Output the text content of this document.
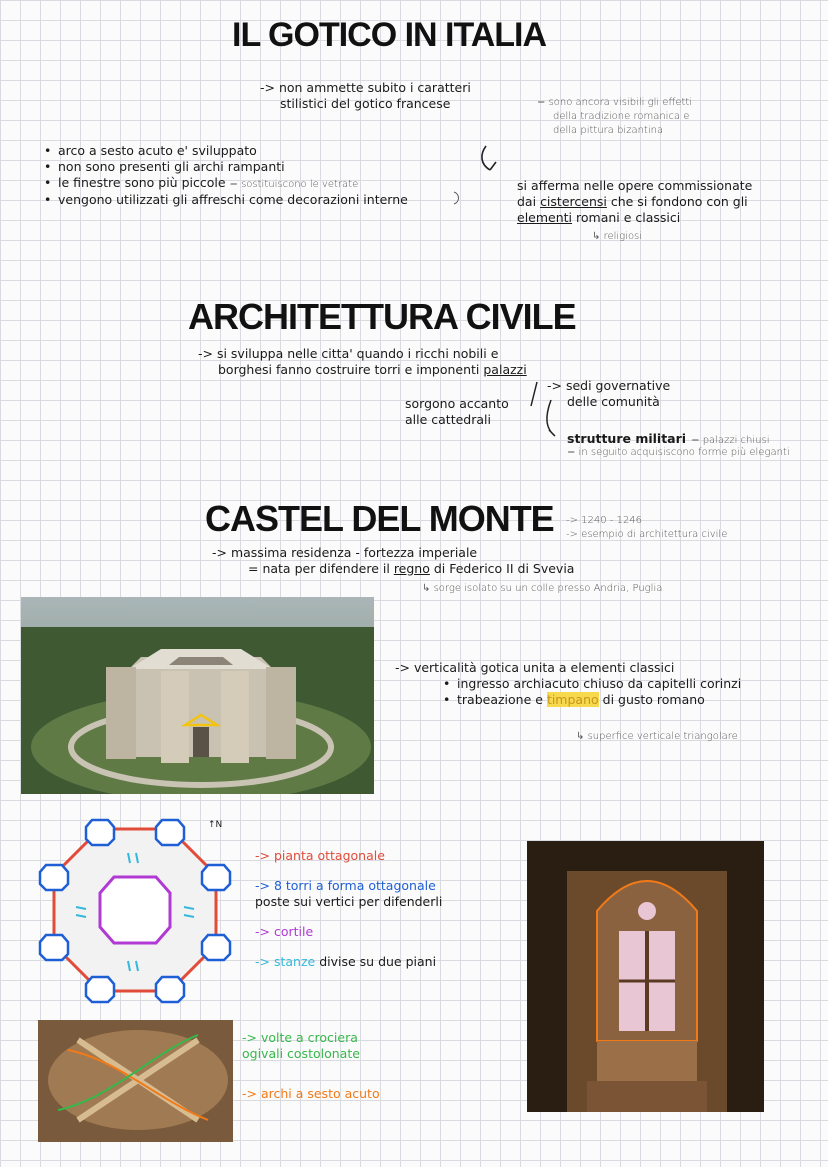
IL GOTICO IN ITALIA
-> non ammette subito i caratteri
stilistici del gotico francese	= sono ancora visibili gli effetti
della tradizione romanica e
della pittura bizantina
• arco a sesto acuto e' sviluppato
• non sono presenti gli archi rampanti
• le finestre sono più piccole = sostituiscono le vetrate
• vengono utilizzati gli affreschi come decorazioni interne
si afferma nelle opere commissionate
dai cistercensi che si fondono con gli
elementi romani e classici
↳ religiosi
ARCHITETTURA CIVILE
-> si sviluppa nelle citta' quando i ricchi nobili e
borghesi fanno costruire torri e imponenti palazzi
sorgono accanto
alle cattedrali
-> sedi governative
delle comunità
strutture militari = palazzi chiusi
= in seguito acquisiscono forme più eleganti
CASTEL DEL MONTE -> 1240 - 1246
-> esempio di architettura civile
-> massima residenza - fortezza imperiale
= nata per difendere il regno di Federico II di Svevia
↳ sorge isolato su un colle presso Andria, Puglia
-> verticalità gotica unita a elementi classici
• ingresso archiacuto chiuso da capitelli corinzi
• trabeazione e timpano di gusto romano
↳ superfice verticale triangolare
↑N
-> pianta ottagonale
-> 8 torri a forma ottagonale
poste sui vertici per difenderli
-> cortile
-> stanze divise su due piani
-> volte a crociera
ogivali costolonate
-> archi a sesto acuto
